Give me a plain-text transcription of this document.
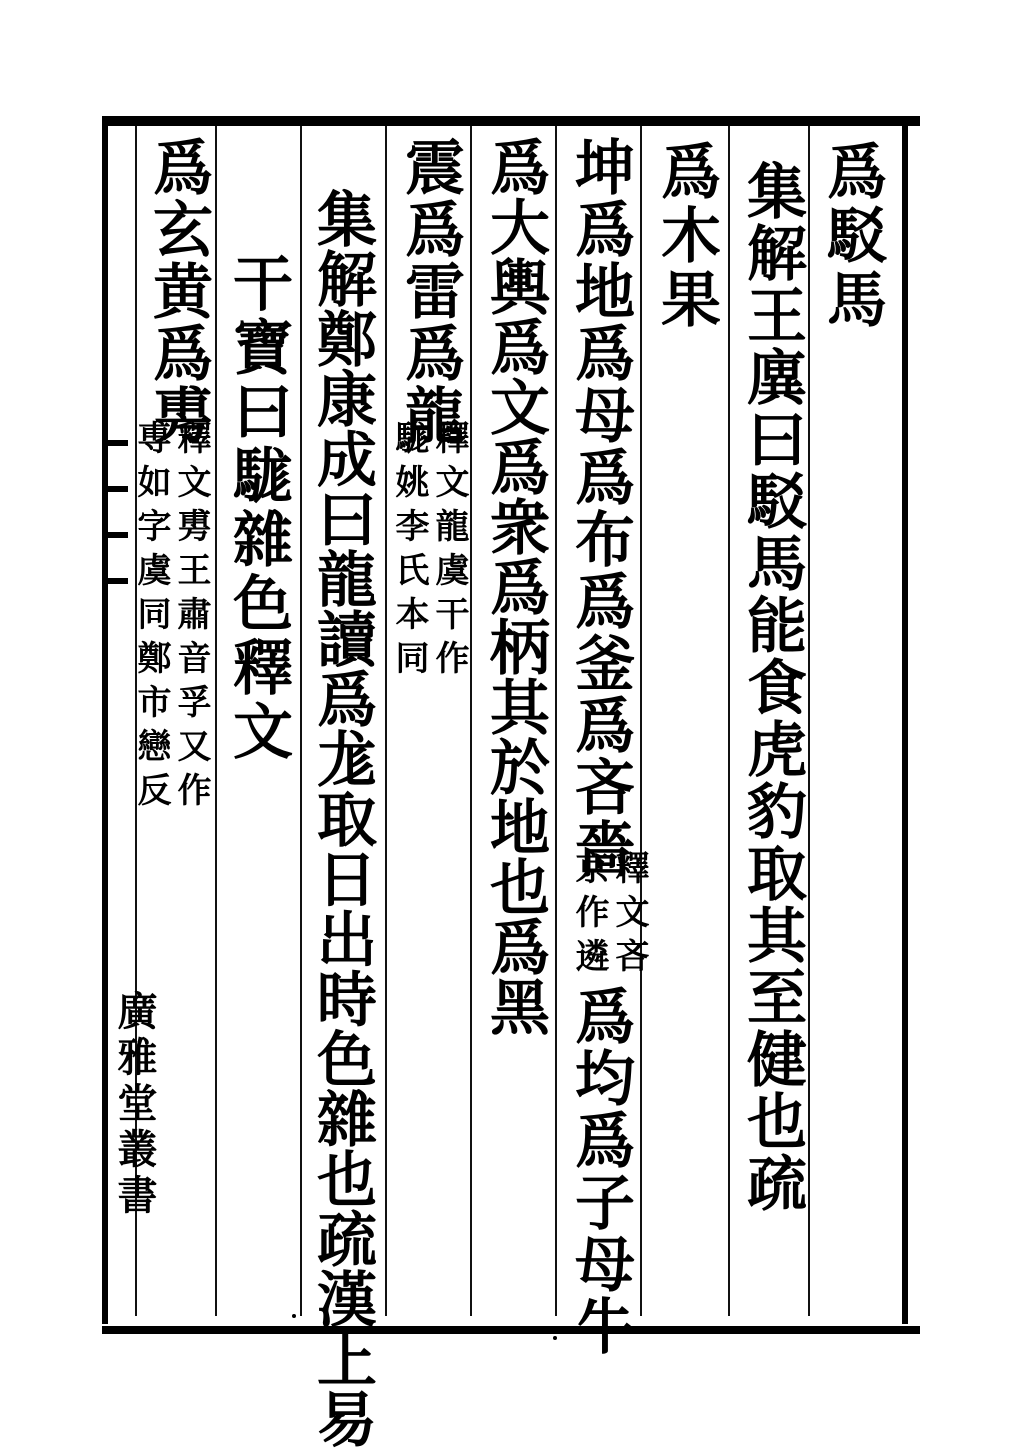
爲駁馬
集解王廙曰駁馬能食虎豹取其至健也疏
爲木果
坤爲地爲母爲布爲釜爲吝嗇
釋文吝
京作遴
爲均爲子母牛
爲大輿爲文爲衆爲柄其於地也爲黑
震爲雷爲龍
釋文龍虞干作
駹姚李氏本同
集解鄭康成曰龍讀爲尨取日出時色雜也疏漢上易
干寶曰駹雜色釋文
爲玄黄爲旉
釋文旉王肅音孚又作
尃如字虞同鄭市戀反
廣雅堂叢書
